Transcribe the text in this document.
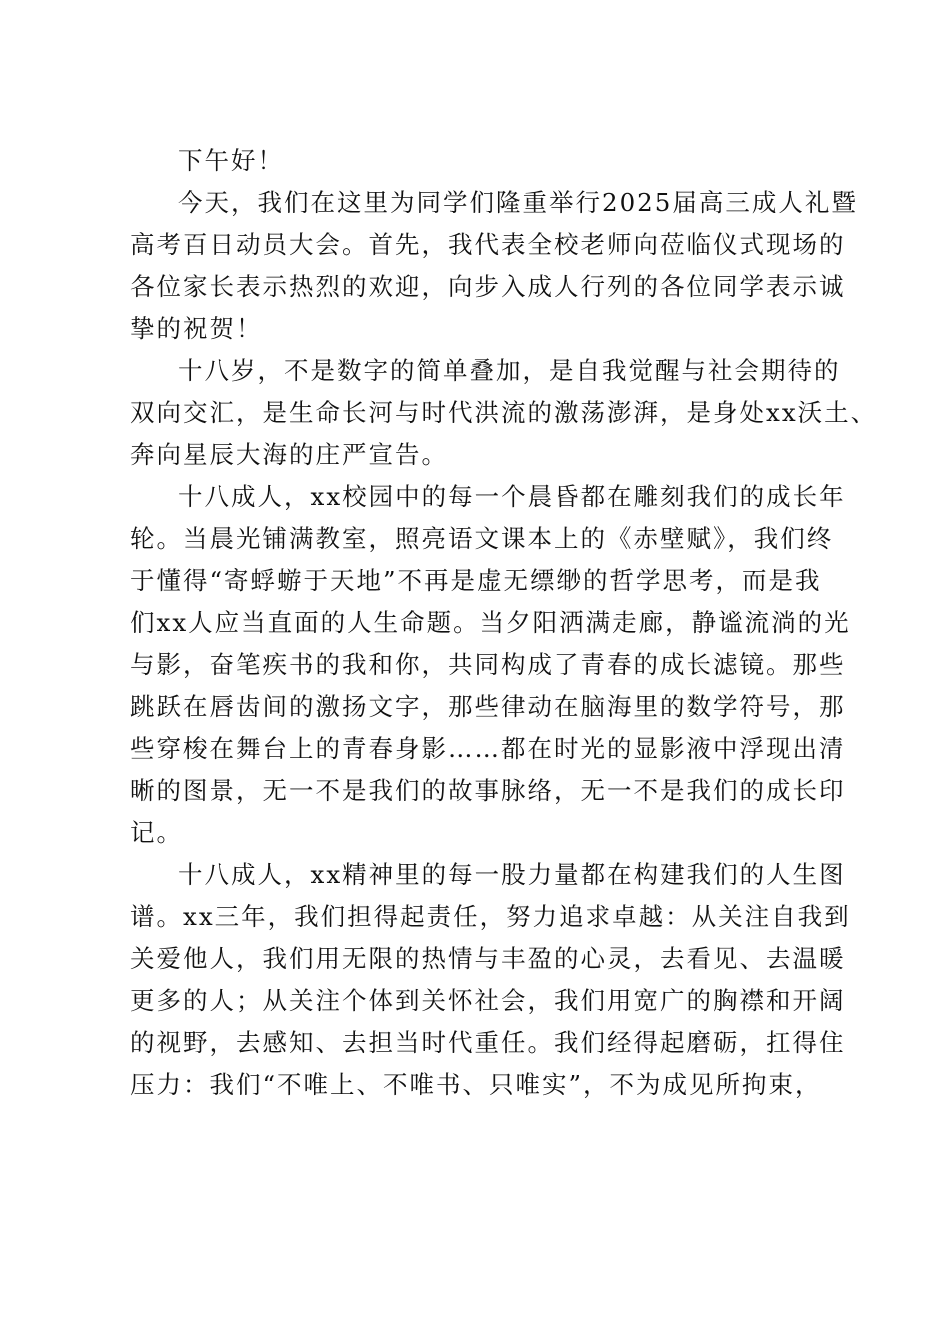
下午好！
今天，我们在这里为同学们隆重举行2025届高三成人礼暨
高考百日动员大会。首先，我代表全校老师向莅临仪式现场的
各位家长表示热烈的欢迎，向步入成人行列的各位同学表示诚
挚的祝贺！
十八岁，不是数字的简单叠加，是自我觉醒与社会期待的
双向交汇，是生命长河与时代洪流的激荡澎湃，是身处xx沃土、
奔向星辰大海的庄严宣告。
十八成人，xx校园中的每一个晨昏都在雕刻我们的成长年
轮。当晨光铺满教室，照亮语文课本上的《赤壁赋》，我们终
于懂得“寄蜉蝣于天地”不再是虚无缥缈的哲学思考，而是我
们xx人应当直面的人生命题。当夕阳洒满走廊，静谧流淌的光
与影，奋笔疾书的我和你，共同构成了青春的成长滤镜。那些
跳跃在唇齿间的激扬文字，那些律动在脑海里的数学符号，那
些穿梭在舞台上的青春身影……都在时光的显影液中浮现出清
晰的图景，无一不是我们的故事脉络，无一不是我们的成长印
记。
十八成人，xx精神里的每一股力量都在构建我们的人生图
谱。xx三年，我们担得起责任，努力追求卓越：从关注自我到
关爱他人，我们用无限的热情与丰盈的心灵，去看见、去温暖
更多的人；从关注个体到关怀社会，我们用宽广的胸襟和开阔
的视野，去感知、去担当时代重任。我们经得起磨砺，扛得住
压力：我们“不唯上、不唯书、只唯实”，不为成见所拘束，
